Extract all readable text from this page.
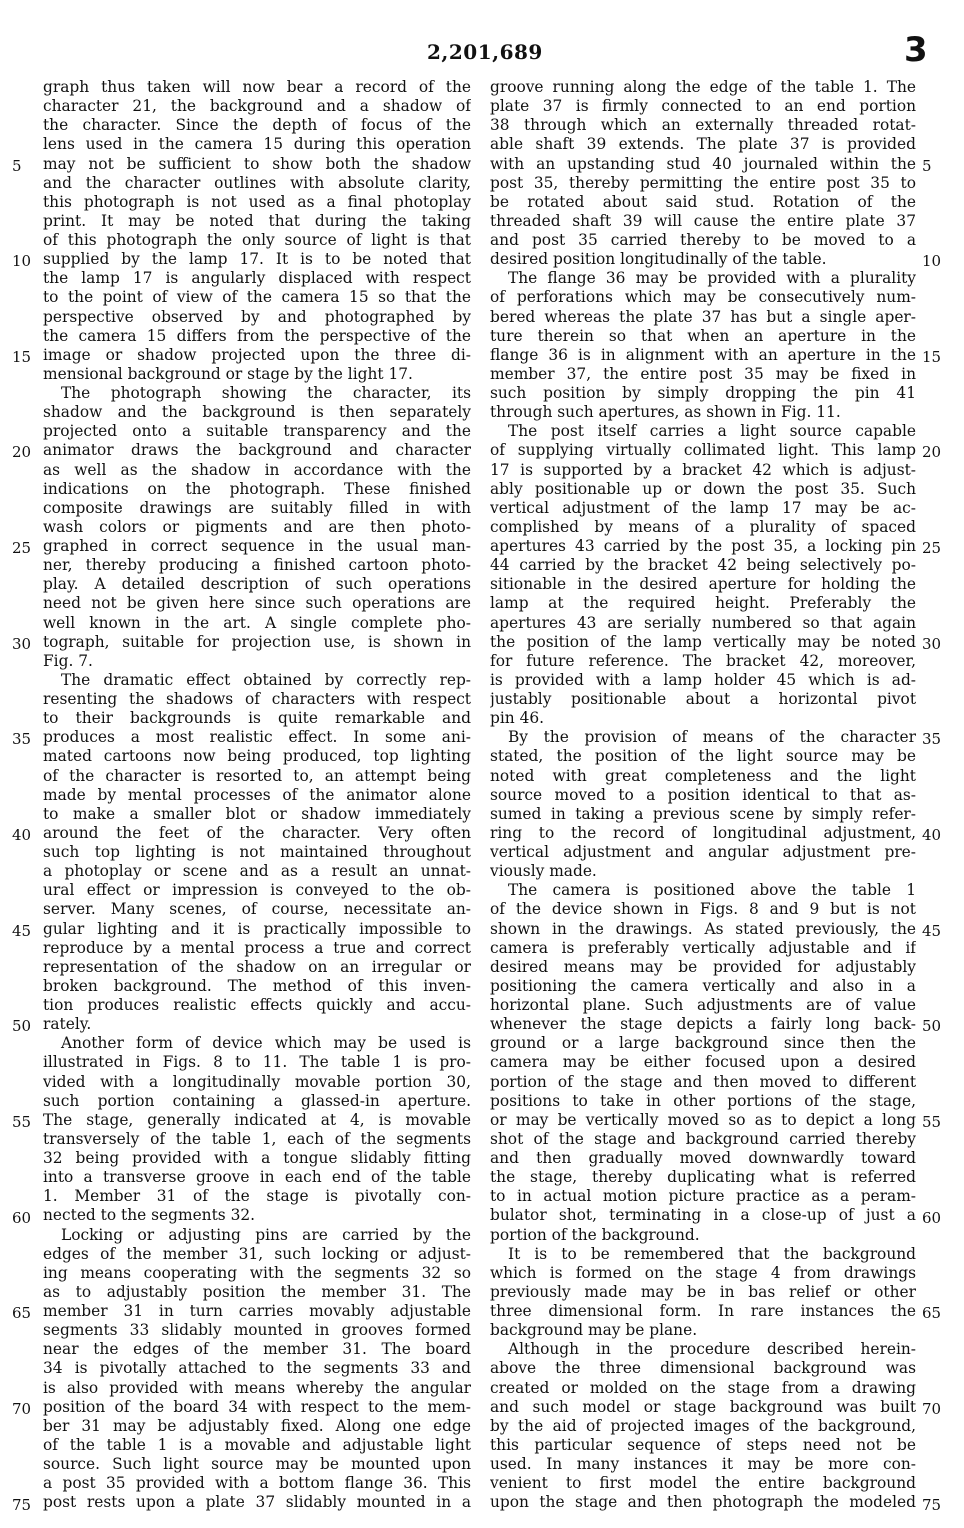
2,201,689	3
graph thus taken will now bear a record of the
character 21, the background and a shadow of
the character. Since the depth of focus of the
lens used in the camera 15 during this operation
may not be sufficient to show both the shadow
and the character outlines with absolute clarity,
this photograph is not used as a final photoplay
print. It may be noted that during the taking
of this photograph the only source of light is that
supplied by the lamp 17. It is to be noted that
the lamp 17 is angularly displaced with respect
to the point of view of the camera 15 so that the
perspective observed by and photographed by
the camera 15 differs from the perspective of the
image or shadow projected upon the three di-
mensional background or stage by the light 17.
The photograph showing the character, its
shadow and the background is then separately
projected onto a suitable transparency and the
animator draws the background and character
as well as the shadow in accordance with the
indications on the photograph. These finished
composite drawings are suitably filled in with
wash colors or pigments and are then photo-
graphed in correct sequence in the usual man-
ner, thereby producing a finished cartoon photo-
play. A detailed description of such operations
need not be given here since such operations are
well known in the art. A single complete pho-
tograph, suitable for projection use, is shown in
Fig. 7.
The dramatic effect obtained by correctly rep-
resenting the shadows of characters with respect
to their backgrounds is quite remarkable and
produces a most realistic effect. In some ani-
mated cartoons now being produced, top lighting
of the character is resorted to, an attempt being
made by mental processes of the animator alone
to make a smaller blot or shadow immediately
around the feet of the character. Very often
such top lighting is not maintained throughout
a photoplay or scene and as a result an unnat-
ural effect or impression is conveyed to the ob-
server. Many scenes, of course, necessitate an-
gular lighting and it is practically impossible to
reproduce by a mental process a true and correct
representation of the shadow on an irregular or
broken background. The method of this inven-
tion produces realistic effects quickly and accu-
rately.
Another form of device which may be used is
illustrated in Figs. 8 to 11. The table 1 is pro-
vided with a longitudinally movable portion 30,
such portion containing a glassed-in aperture.
The stage, generally indicated at 4, is movable
transversely of the table 1, each of the segments
32 being provided with a tongue slidably fitting
into a transverse groove in each end of the table
1. Member 31 of the stage is pivotally con-
nected to the segments 32.
Locking or adjusting pins are carried by the
edges of the member 31, such locking or adjust-
ing means cooperating with the segments 32 so
as to adjustably position the member 31. The
member 31 in turn carries movably adjustable
segments 33 slidably mounted in grooves formed
near the edges of the member 31. The board
34 is pivotally attached to the segments 33 and
is also provided with means whereby the angular
position of the board 34 with respect to the mem-
ber 31 may be adjustably fixed. Along one edge
of the table 1 is a movable and adjustable light
source. Such light source may be mounted upon
a post 35 provided with a bottom flange 36. This
post rests upon a plate 37 slidably mounted in a
groove running along the edge of the table 1. The
plate 37 is firmly connected to an end portion
38 through which an externally threaded rotat-
able shaft 39 extends. The plate 37 is provided
with an upstanding stud 40 journaled within the
post 35, thereby permitting the entire post 35 to
be rotated about said stud. Rotation of the
threaded shaft 39 will cause the entire plate 37
and post 35 carried thereby to be moved to a
desired position longitudinally of the table.
The flange 36 may be provided with a plurality
of perforations which may be consecutively num-
bered whereas the plate 37 has but a single aper-
ture therein so that when an aperture in the
flange 36 is in alignment with an aperture in the
member 37, the entire post 35 may be fixed in
such position by simply dropping the pin 41
through such apertures, as shown in Fig. 11.
The post itself carries a light source capable
of supplying virtually collimated light. This lamp
17 is supported by a bracket 42 which is adjust-
ably positionable up or down the post 35. Such
vertical adjustment of the lamp 17 may be ac-
complished by means of a plurality of spaced
apertures 43 carried by the post 35, a locking pin
44 carried by the bracket 42 being selectively po-
sitionable in the desired aperture for holding the
lamp at the required height. Preferably the
apertures 43 are serially numbered so that again
the position of the lamp vertically may be noted
for future reference. The bracket 42, moreover,
is provided with a lamp holder 45 which is ad-
justably positionable about a horizontal pivot
pin 46.
By the provision of means of the character
stated, the position of the light source may be
noted with great completeness and the light
source moved to a position identical to that as-
sumed in taking a previous scene by simply refer-
ring to the record of longitudinal adjustment,
vertical adjustment and angular adjustment pre-
viously made.
The camera is positioned above the table 1
of the device shown in Figs. 8 and 9 but is not
shown in the drawings. As stated previously, the
camera is preferably vertically adjustable and if
desired means may be provided for adjustably
positioning the camera vertically and also in a
horizontal plane. Such adjustments are of value
whenever the stage depicts a fairly long back-
ground or a large background since then the
camera may be either focused upon a desired
portion of the stage and then moved to different
positions to take in other portions of the stage,
or may be vertically moved so as to depict a long
shot of the stage and background carried thereby
and then gradually moved downwardly toward
the stage, thereby duplicating what is referred
to in actual motion picture practice as a peram-
bulator shot, terminating in a close-up of just a
portion of the background.
It is to be remembered that the background
which is formed on the stage 4 from drawings
previously made may be in bas relief or other
three dimensional form. In rare instances the
background may be plane.
Although in the procedure described herein-
above the three dimensional background was
created or molded on the stage from a drawing
and such model or stage background was built
by the aid of projected images of the background,
this particular sequence of steps need not be
used. In many instances it may be more con-
venient to first model the entire background
upon the stage and then photograph the modeled
5
10
15
20
25
30
35
40
45
50
55
60
65
70
75
5
10
15
20
25
30
35
40
45
50
55
60
65
70
75
